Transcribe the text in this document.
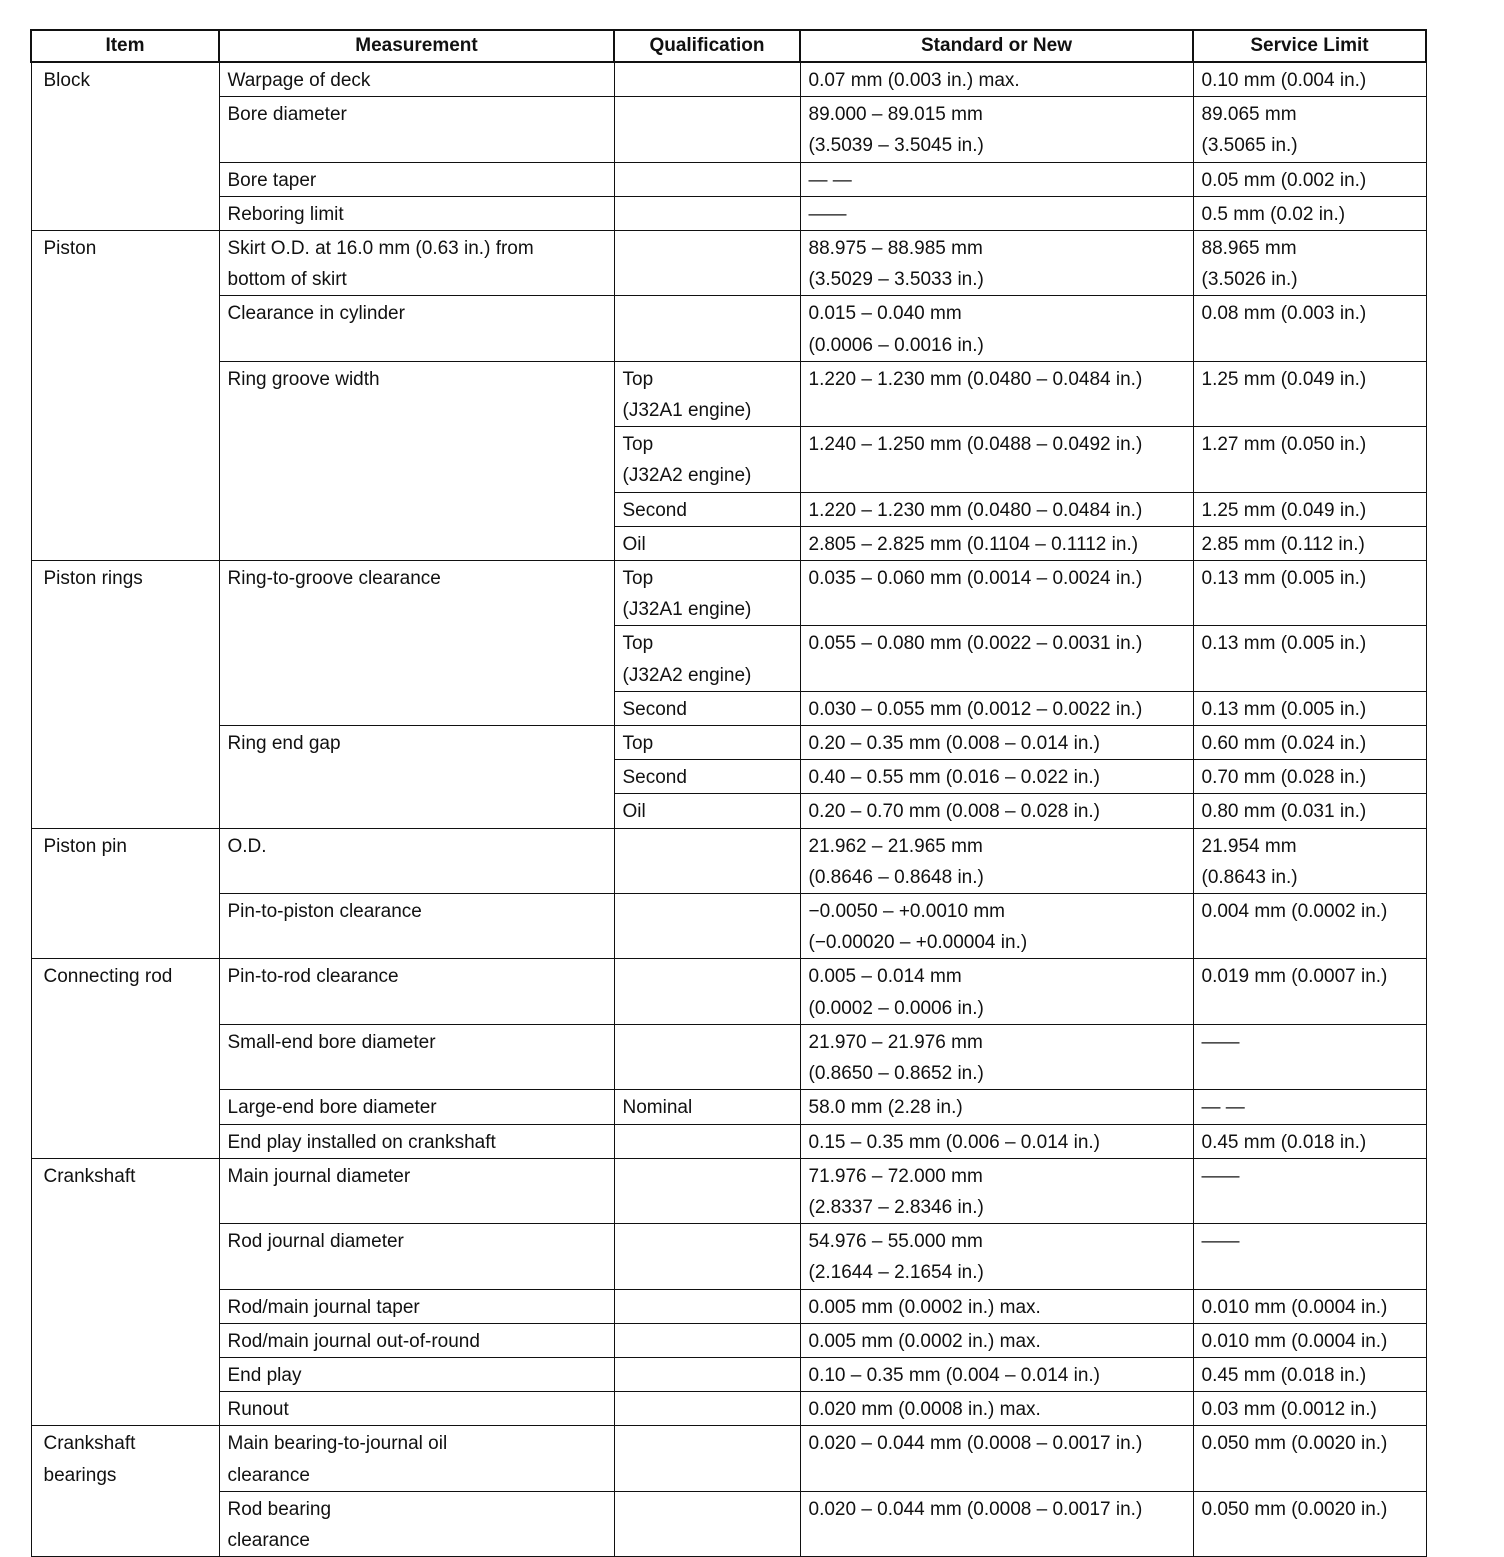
Item	Measurement	Qualification	Standard or New	Service Limit
Block	Warpage of deck		0.07 mm (0.003 in.) max.	0.10 mm (0.004 in.)
	Bore diameter		89.000 – 89.015 mm
(3.5039 – 3.5045 in.)	89.065 mm
(3.5065 in.)
	Bore taper		— —	0.05 mm (0.002 in.)
	Reboring limit		——	0.5 mm (0.02 in.)
Piston	Skirt O.D. at 16.0 mm (0.63 in.) from
bottom of skirt		88.975 – 88.985 mm
(3.5029 – 3.5033 in.)	88.965 mm
(3.5026 in.)
	Clearance in cylinder		0.015 – 0.040 mm
(0.0006 – 0.0016 in.)	0.08 mm (0.003 in.)
	Ring groove width	Top
(J32A1 engine)	1.220 – 1.230 mm (0.0480 – 0.0484 in.)	1.25 mm (0.049 in.)
		Top
(J32A2 engine)	1.240 – 1.250 mm (0.0488 – 0.0492 in.)	1.27 mm (0.050 in.)
		Second	1.220 – 1.230 mm (0.0480 – 0.0484 in.)	1.25 mm (0.049 in.)
		Oil	2.805 – 2.825 mm (0.1104 – 0.1112 in.)	2.85 mm (0.112 in.)
Piston rings	Ring-to-groove clearance	Top
(J32A1 engine)	0.035 – 0.060 mm (0.0014 – 0.0024 in.)	0.13 mm (0.005 in.)
		Top
(J32A2 engine)	0.055 – 0.080 mm (0.0022 – 0.0031 in.)	0.13 mm (0.005 in.)
		Second	0.030 – 0.055 mm (0.0012 – 0.0022 in.)	0.13 mm (0.005 in.)
	Ring end gap	Top	0.20 – 0.35 mm (0.008 – 0.014 in.)	0.60 mm (0.024 in.)
		Second	0.40 – 0.55 mm (0.016 – 0.022 in.)	0.70 mm (0.028 in.)
		Oil	0.20 – 0.70 mm (0.008 – 0.028 in.)	0.80 mm (0.031 in.)
Piston pin	O.D.		21.962 – 21.965 mm
(0.8646 – 0.8648 in.)	21.954 mm
(0.8643 in.)
	Pin-to-piston clearance		−0.0050 – +0.0010 mm
(−0.00020 – +0.00004 in.)	0.004 mm (0.0002 in.)
Connecting rod	Pin-to-rod clearance		0.005 – 0.014 mm
(0.0002 – 0.0006 in.)	0.019 mm (0.0007 in.)
	Small-end bore diameter		21.970 – 21.976 mm
(0.8650 – 0.8652 in.)	——
	Large-end bore diameter	Nominal	58.0 mm (2.28 in.)	— —
	End play installed on crankshaft		0.15 – 0.35 mm (0.006 – 0.014 in.)	0.45 mm (0.018 in.)
Crankshaft	Main journal diameter		71.976 – 72.000 mm
(2.8337 – 2.8346 in.)	——
	Rod journal diameter		54.976 – 55.000 mm
(2.1644 – 2.1654 in.)	——
	Rod/main journal taper		0.005 mm (0.0002 in.) max.	0.010 mm (0.0004 in.)
	Rod/main journal out-of-round		0.005 mm (0.0002 in.) max.	0.010 mm (0.0004 in.)
	End play		0.10 – 0.35 mm (0.004 – 0.014 in.)	0.45 mm (0.018 in.)
	Runout		0.020 mm (0.0008 in.) max.	0.03 mm (0.0012 in.)
Crankshaft
bearings	Main bearing-to-journal oil
clearance		0.020 – 0.044 mm (0.0008 – 0.0017 in.)	0.050 mm (0.0020 in.)
	Rod bearing
clearance		0.020 – 0.044 mm (0.0008 – 0.0017 in.)	0.050 mm (0.0020 in.)
